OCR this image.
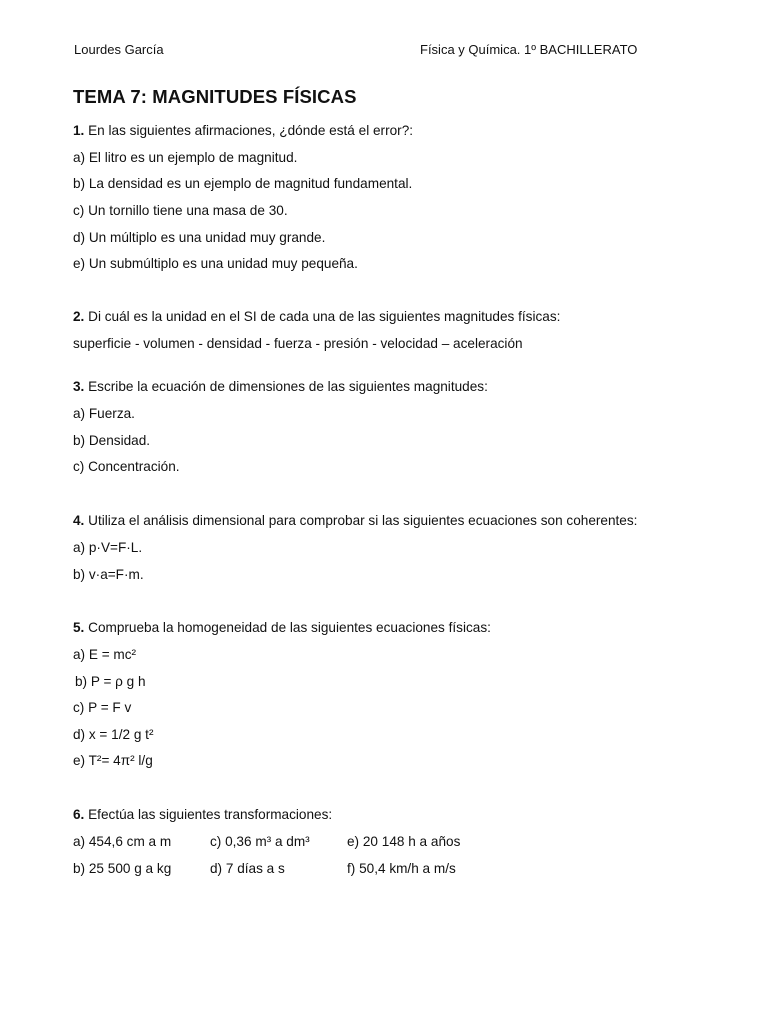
Lourdes García	Física y Química. 1º BACHILLERATO
TEMA 7: MAGNITUDES FÍSICAS
1. En las siguientes afirmaciones, ¿dónde está el error?:
a) El litro es un ejemplo de magnitud.
b) La densidad es un ejemplo de magnitud fundamental.
c) Un tornillo tiene una masa de 30.
d) Un múltiplo es una unidad muy grande.
e) Un submúltiplo es una unidad muy pequeña.
2. Di cuál es la unidad en el SI de cada una de las siguientes magnitudes físicas:
superficie - volumen - densidad - fuerza - presión - velocidad – aceleración
3. Escribe la ecuación de dimensiones de las siguientes magnitudes:
a) Fuerza.
b) Densidad.
c) Concentración.
4. Utiliza el análisis dimensional para comprobar si las siguientes ecuaciones son coherentes:
a) p·V=F·L.
b) v·a=F·m.
5. Comprueba la homogeneidad de las siguientes ecuaciones físicas:
a) E = mc²
b) P = ρ g h
c) P = F v
d) x = 1/2 g t²
e) T²= 4π² l/g
6. Efectúa las siguientes transformaciones:
a) 454,6 cm a m	c) 0,36 m³ a dm³	e) 20 148 h a años
b) 25 500 g a kg	d) 7 días a s	f) 50,4 km/h a m/s
